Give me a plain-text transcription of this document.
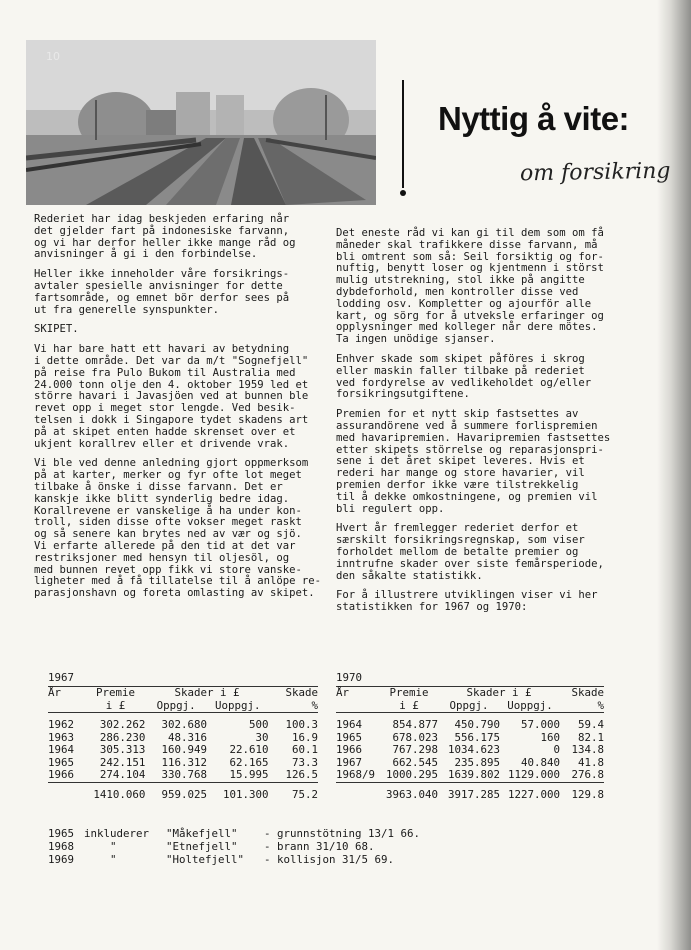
10
Nyttig å vite:
om forsikring

Rederiet har idag beskjeden erfaring når
det gjelder fart på indonesiske farvann,
og vi har derfor heller ikke mange råd og
anvisninger å gi i den forbindelse.

Heller ikke inneholder våre forsikrings-
avtaler spesielle anvisninger for dette
fartsområde, og emnet bör derfor sees på
ut fra generelle synspunkter.

SKIPET.

Vi har bare hatt ett havari av betydning
i dette område. Det var da m/t "Sognefjell"
på reise fra Pulo Bukom til Australia med
24.000 tonn olje den 4. oktober 1959 led et
större havari i Javasjöen ved at bunnen ble
revet opp i meget stor lengde. Ved besik-
telsen i dokk i Singapore tydet skadens art
på at skipet enten hadde skrenset over et
ukjent korallrev eller et drivende vrak.

Vi ble ved denne anledning gjort oppmerksom
på at karter, merker og fyr ofte lot meget
tilbake å önske i disse farvann. Det er
kanskje ikke blitt synderlig bedre idag.
Korallrevene er vanskelige å ha under kon-
troll, siden disse ofte vokser meget raskt
og så senere kan brytes ned av vær og sjö.
Vi erfarte allerede på den tid at det var
restriksjoner med hensyn til oljesöl, og
med bunnen revet opp fikk vi store vanske-
ligheter med å få tillatelse til å anlöpe re-
parasjonshavn og foreta omlasting av skipet.

Det eneste råd vi kan gi til dem som om få
måneder skal trafikkere disse farvann, må
bli omtrent som så: Seil forsiktig og for-
nuftig, benytt loser og kjentmenn i störst
mulig utstrekning, stol ikke på angitte
dybdeforhold, men kontroller disse ved
lodding osv. Kompletter og ajourför alle
kart, og sörg for å utveksle erfaringer og
opplysninger med kolleger når dere mötes.
Ta ingen unödige sjanser.

Enhver skade som skipet påföres i skrog
eller maskin faller tilbake på rederiet
ved fordyrelse av vedlikeholdet og/eller
forsikringsutgiftene.

Premien for et nytt skip fastsettes av
assurandörene ved å summere forlispremien
med havaripremien. Havaripremien fastsettes
etter skipets störrelse og reparasjonspri-
sene i det året skipet leveres. Hvis et
rederi har mange og store havarier, vil
premien derfor ikke være tilstrekkelig
til å dekke omkostningene, og premien vil
bli regulert opp.

Hvert år fremlegger rederiet derfor et
særskilt forsikringsregnskap, som viser
forholdet mellom de betalte premier og
inntrufne skader over siste femårsperiode,
den såkalte statistikk.

For å illustrere utviklingen viser vi her
statistikken for 1967 og 1970:

1967
År	Premie	Skader i £		Skade
	i £	Oppgj.	Uoppgj.	%

1962	302.262	302.680	500	100.3
1963	286.230	48.316	30	16.9
1964	305.313	160.949	22.610	60.1
1965	242.151	116.312	62.165	73.3
1966	274.104	330.768	15.995	126.5

	1410.060	959.025	101.300	75.2
1970
År	Premie	Skader i £		Skade
	i £	Oppgj.	Uoppgj.	%

1964	854.877	450.790	57.000	59.4
1965	678.023	556.175	160	82.1
1966	767.298	1034.623	0	134.8
1967	662.545	235.895	40.840	41.8
1968/9	1000.295	1639.802	1129.000	276.8

	3963.040	3917.285	1227.000	129.8
1965	inkluderer	"Måkefjell"	- grunnstötning 13/1 66.
1968	"	"Etnefjell"	- brann 31/10 68.
1969	"	"Holtefjell"	- kollisjon 31/5 69.
